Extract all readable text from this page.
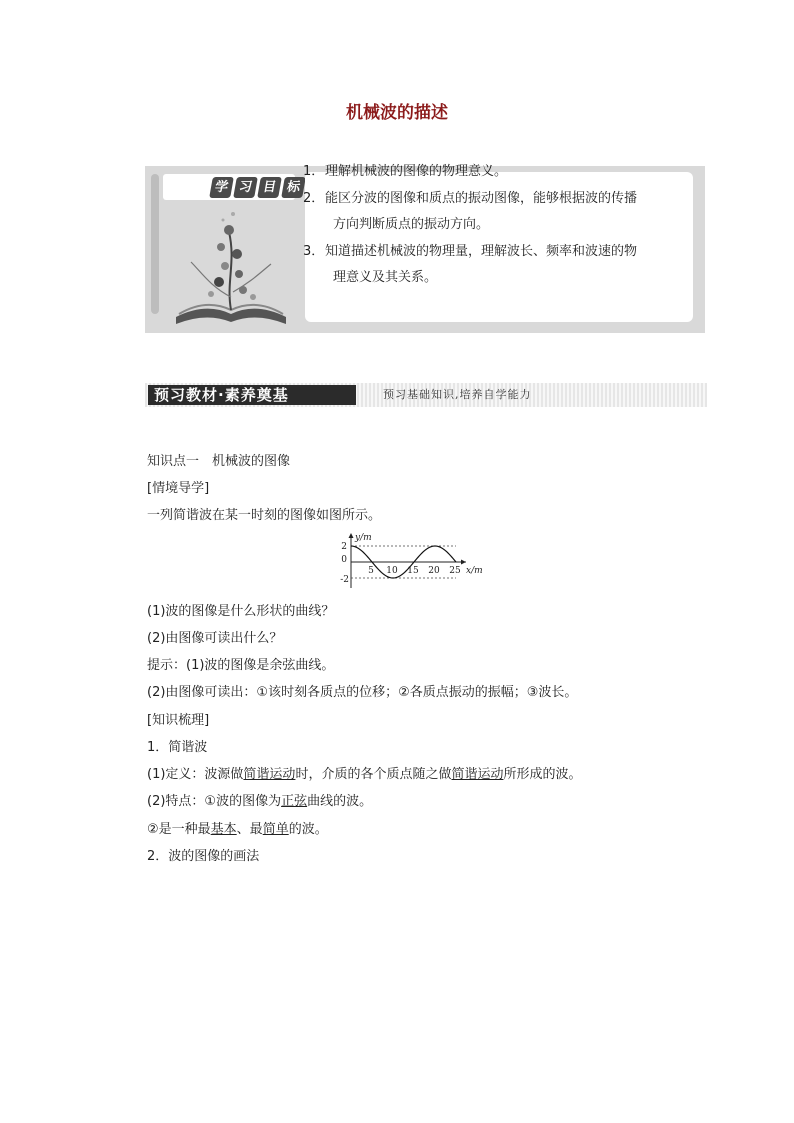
机械波的描述
学 习 目 标
1．理解机械波的图像的物理意义。
2．能区分波的图像和质点的振动图像，能够根据波的传播
方向判断质点的振动方向。
3．知道描述机械波的物理量，理解波长、频率和波速的物
理意义及其关系。
预习教材·素养奠基	预习基础知识,培养自学能力
知识点一　机械波的图像
[情境导学]
一列简谐波在某一时刻的图像如图所示。
5 10 15 20 25
2
0
-2
y/m
x/m
(1)波的图像是什么形状的曲线？
(2)由图像可读出什么？
提示：(1)波的图像是余弦曲线。
(2)由图像可读出：①该时刻各质点的位移；②各质点振动的振幅；③波长。
[知识梳理]
1．简谐波
(1)定义：波源做简谐运动时，介质的各个质点随之做简谐运动所形成的波。
(2)特点：①波的图像为正弦曲线的波。
②是一种最基本、最简单的波。
2．波的图像的画法
